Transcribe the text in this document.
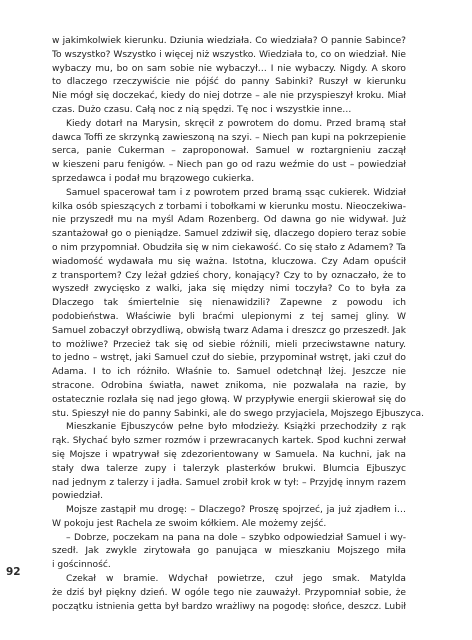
w jakimkolwiek kierunku. Dziunia wiedziała. Co wiedziała? O pannie Sabince?
To wszystko? Wszystko i więcej niż wszystko. Wiedziała to, co on wiedział. Nie
wybaczy mu, bo on sam sobie nie wybaczył… I nie wybaczy. Nigdy. A skoro
to dlaczego rzeczywiście nie pójść do panny Sabinki? Ruszył w kierunku
Nie mógł się doczekać, kiedy do niej dotrze – ale nie przyspieszył kroku. Miał
czas. Dużo czasu. Całą noc z nią spędzi. Tę noc i wszystkie inne…
Kiedy dotarł na Marysin, skręcił z powrotem do domu. Przed bramą stał
dawca Toffi ze skrzynką zawieszoną na szyi. – Niech pan kupi na pokrzepienie
serca, panie Cukerman – zaproponował. Samuel w roztargnieniu zaczął
w kieszeni paru fenigów. – Niech pan go od razu weźmie do ust – powiedział
sprzedawca i podał mu brązowego cukierka.
Samuel spacerował tam i z powrotem przed bramą ssąc cukierek. Widział
kilka osób spieszących z torbami i tobołkami w kierunku mostu. Nieoczekiwa-
nie przyszedł mu na myśl Adam Rozenberg. Od dawna go nie widywał. Już
szantażował go o pieniądze. Samuel zdziwił się, dlaczego dopiero teraz sobie
o nim przypomniał. Obudziła się w nim ciekawość. Co się stało z Adamem? Ta
wiadomość wydawała mu się ważna. Istotna, kluczowa. Czy Adam opuścił
z transportem? Czy leżał gdzieś chory, konający? Czy to by oznaczało, że to
wyszedł zwycięsko z walki, jaka się między nimi toczyła? Co to była za
Dlaczego tak śmiertelnie się nienawidzili? Zapewne z powodu ich
podobieństwa. Właściwie byli braćmi ulepionymi z tej samej gliny. W
Samuel zobaczył obrzydliwą, obwisłą twarz Adama i dreszcz go przeszedł. Jak
to możliwe? Przecież tak się od siebie różnili, mieli przeciwstawne natury.
to jedno – wstręt, jaki Samuel czuł do siebie, przypominał wstręt, jaki czuł do
Adama. I to ich różniło. Właśnie to. Samuel odetchnął lżej. Jeszcze nie
stracone. Odrobina światła, nawet znikoma, nie pozwalała na razie, by
ostatecznie rozlała się nad jego głową. W przypływie energii skierował się do
stu. Spieszył nie do panny Sabinki, ale do swego przyjaciela, Mojszego Ejbuszyca.
Mieszkanie Ejbuszyców pełne było młodzieży. Książki przechodziły z rąk
rąk. Słychać było szmer rozmów i przewracanych kartek. Spod kuchni zerwał
się Mojsze i wpatrywał się zdezorientowany w Samuela. Na kuchni, jak na
stały dwa talerze zupy i talerzyk plasterków brukwi. Blumcia Ejbuszyc
nad jednym z talerzy i jadła. Samuel zrobił krok w tył: – Przyjdę innym razem
powiedział.
Mojsze zastąpił mu drogę: – Dlaczego? Proszę spojrzeć, ja już zjadłem i…
W pokoju jest Rachela ze swoim kółkiem. Ale możemy zejść.
– Dobrze, poczekam na pana na dole – szybko odpowiedział Samuel i wy-
szedł. Jak zwykle zirytowała go panująca w mieszkaniu Mojszego miła
i gościnność.
Czekał w bramie. Wdychał powietrze, czuł jego smak. Matylda
że dziś był piękny dzień. W ogóle tego nie zauważył. Przypomniał sobie, że
początku istnienia getta był bardzo wrażliwy na pogodę: słońce, deszcz. Lubił
92
